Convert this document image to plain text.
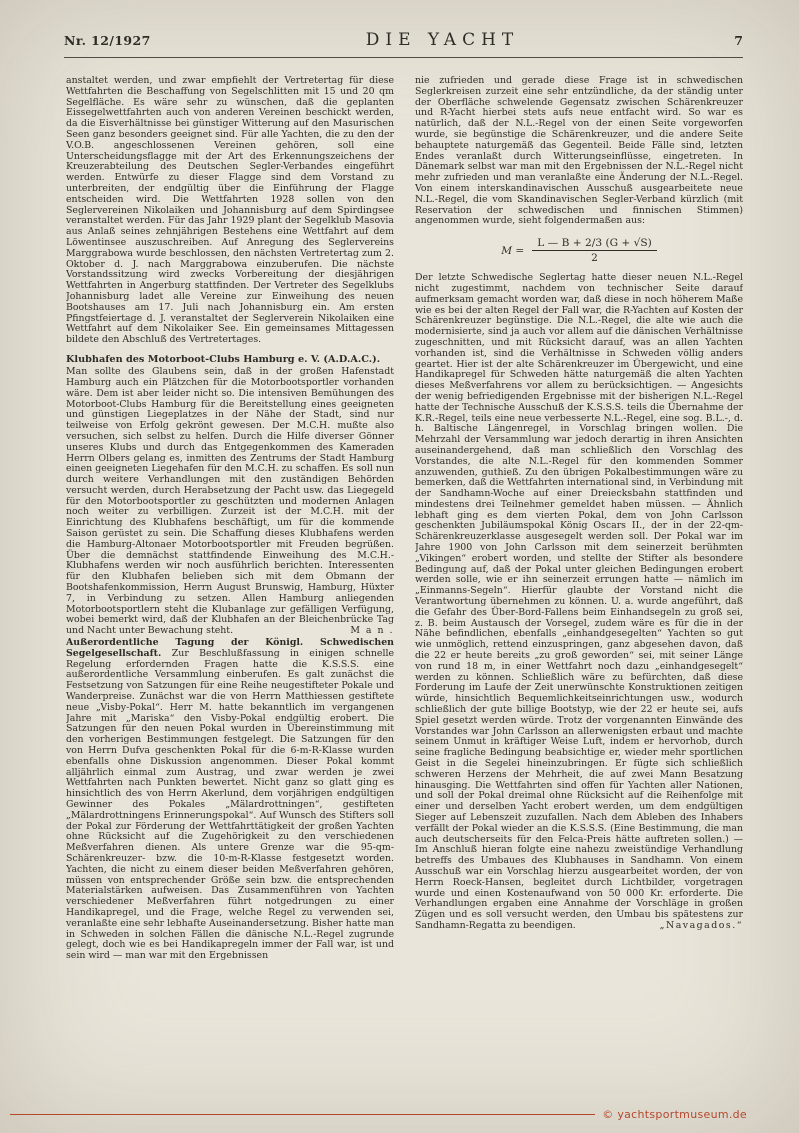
Nr. 12/1927	DIE YACHT	7

anstaltet werden, und zwar empfiehlt der Vertretertag für diese Wettfahrten die Beschaffung von Segelschlitten mit 15 und 20 qm Segelfläche. Es wäre sehr zu wünschen, daß die geplanten Eissegelwettfahrten auch von anderen Vereinen beschickt werden, da die Eisverhältnisse bei günstiger Witterung auf den Masurischen Seen ganz besonders geeignet sind. Für alle Yachten, die zu den der V.O.B. angeschlossenen Vereinen gehören, soll eine Unterscheidungsflagge mit der Art des Erkennungszeichens der Kreuzerabteilung des Deutschen Segler-Verbandes eingeführt werden. Entwürfe zu dieser Flagge sind dem Vorstand zu unterbreiten, der endgültig über die Einführung der Flagge entscheiden wird. Die Wettfahrten 1928 sollen von den Seglervereinen Nikolaiken und Johannisburg auf dem Spirdingsee veranstaltet werden. Für das Jahr 1929 plant der Segelklub Masovia aus Anlaß seines zehnjährigen Bestehens eine Wettfahrt auf dem Löwentinsee auszuschreiben. Auf Anregung des Seglervereins Marggrabowa wurde beschlossen, den nächsten Vertretertag zum 2. Oktober d. J. nach Marggrabowa einzuberufen. Die nächste Vorstandssitzung wird zwecks Vorbereitung der diesjährigen Wettfahrten in Angerburg stattfinden. Der Vertreter des Segelklubs Johannisburg ladet alle Vereine zur Einweihung des neuen Bootshauses am 17. Juli nach Johannisburg ein. Am ersten Pfingstfeiertage d. J. veranstaltet der Seglerverein Nikolaiken eine Wettfahrt auf dem Nikolaiker See. Ein gemeinsames Mittagessen bildete den Abschluß des Vertretertages.

Klubhafen des Motorboot-Clubs Hamburg e. V. (A.D.A.C.).

Man sollte des Glaubens sein, daß in der großen Hafenstadt Hamburg auch ein Plätzchen für die Motorbootsportler vorhanden wäre. Dem ist aber leider nicht so. Die intensiven Bemühungen des Motorboot-Clubs Hamburg für die Bereitstellung eines geeigneten und günstigen Liegeplatzes in der Nähe der Stadt, sind nur teilweise von Erfolg gekrönt gewesen. Der M.C.H. mußte also versuchen, sich selbst zu helfen. Durch die Hilfe diverser Gönner unseres Klubs und durch das Entgegenkommen des Kameraden Herrn Olbers gelang es, inmitten des Zentrums der Stadt Hamburg einen geeigneten Liegehafen für den M.C.H. zu schaffen. Es soll nun durch weitere Verhandlungen mit den zuständigen Behörden versucht werden, durch Herabsetzung der Pacht usw. das Liegegeld für den Motorbootsportler zu geschützten und modernen Anlagen noch weiter zu verbilligen. Zurzeit ist der M.C.H. mit der Einrichtung des Klubhafens beschäftigt, um für die kommende Saison gerüstet zu sein. Die Schaffung dieses Klubhafens werden die Hamburg-Altonaer Motorbootsportler mit Freuden begrüßen. Über die demnächst stattfindende Einweihung des M.C.H.-Klubhafens werden wir noch ausführlich berichten. Interessenten für den Klubhafen belieben sich mit dem Obmann der Bootshafenkommission, Herrn August Brunswig, Hamburg, Hüxter 7, in Verbindung zu setzen. Allen Hamburg anliegenden Motorbootsportlern steht die Klubanlage zur gefälligen Verfügung, wobei bemerkt wird, daß der Klubhafen an der Bleichenbrücke Tag und Nacht unter Bewachung steht.	M a n .

Außerordentliche Tagung der Königl. Schwedischen Segelgesellschaft. Zur Beschlußfassung in einigen schnelle Regelung erfordernden Fragen hatte die K.S.S.S. eine außerordentliche Versammlung einberufen. Es galt zunächst die Festsetzung von Satzungen für eine Reihe neugestifteter Pokale und Wanderpreise. Zunächst war die von Herrn Matthiessen gestiftete neue „Visby-Pokal“. Herr M. hatte bekanntlich im vergangenen Jahre mit „Mariska“ den Visby-Pokal endgültig erobert. Die Satzungen für den neuen Pokal wurden in Übereinstimmung mit den vorherigen Bestimmungen festgelegt. Die Satzungen für den von Herrn Dufva geschenkten Pokal für die 6-m-R-Klasse wurden ebenfalls ohne Diskussion angenommen. Dieser Pokal kommt alljährlich einmal zum Austrag, und zwar werden je zwei Wettfahrten nach Punkten bewertet. Nicht ganz so glatt ging es hinsichtlich des von Herrn Akerlund, dem vorjährigen endgültigen Gewinner des Pokales „Mälardrottningen“, gestifteten „Mälardrottningens Erinnerungspokal“. Auf Wunsch des Stifters soll der Pokal zur Förderung der Wettfahrttätigkeit der großen Yachten ohne Rücksicht auf die Zugehörigkeit zu den verschiedenen Meßverfahren dienen. Als untere Grenze war die 95-qm-Schärenkreuzer- bzw. die 10-m-R-Klasse festgesetzt worden. Yachten, die nicht zu einem dieser beiden Meßverfahren gehören, müssen von entsprechender Größe sein bzw. die entsprechenden Materialstärken aufweisen. Das Zusammenführen von Yachten verschiedener Meßverfahren führt notgedrungen zu einer Handikapregel, und die Frage, welche Regel zu verwenden sei, veranlaßte eine sehr lebhafte Auseinandersetzung. Bisher hatte man in Schweden in solchen Fällen die dänische N.L.-Regel zugrunde gelegt, doch wie es bei Handikapregeln immer der Fall war, ist und sein wird — man war mit den Ergebnissen

nie zufrieden und gerade diese Frage ist in schwedischen Seglerkreisen zurzeit eine sehr entzündliche, da der ständig unter der Oberfläche schwelende Gegensatz zwischen Schärenkreuzer und R-Yacht hierbei stets aufs neue entfacht wird. So war es natürlich, daß der N.L.-Regel von der einen Seite vorgeworfen wurde, sie begünstige die Schärenkreuzer, und die andere Seite behauptete naturgemäß das Gegenteil. Beide Fälle sind, letzten Endes veranlaßt durch Witterungseinflüsse, eingetreten. In Dänemark selbst war man mit den Ergebnissen der N.L.-Regel nicht mehr zufrieden und man veranlaßte eine Änderung der N.L.-Regel. Von einem interskandinavischen Ausschuß ausgearbeitete neue N.L.-Regel, die vom Skandinavischen Segler-Verband kürzlich (mit Reservation der schwedischen und finnischen Stimmen) angenommen wurde, sieht folgendermaßen aus:

$M = \frac{L — B + 2/3 (G + √S)}{2}$

Der letzte Schwedische Seglertag hatte dieser neuen N.L.-Regel nicht zugestimmt, nachdem von technischer Seite darauf aufmerksam gemacht worden war, daß diese in noch höherem Maße wie es bei der alten Regel der Fall war, die R-Yachten auf Kosten der Schärenkreuzer begünstige. Die N.L.-Regel, die alte wie auch die modernisierte, sind ja auch vor allem auf die dänischen Verhältnisse zugeschnitten, und mit Rücksicht darauf, was an allen Yachten vorhanden ist, sind die Verhältnisse in Schweden völlig anders geartet. Hier ist der alte Schärenkreuzer im Übergewicht, und eine Handikapregel für Schweden hätte naturgemäß die alten Yachten dieses Meßverfahrens vor allem zu berücksichtigen. — Angesichts der wenig befriedigenden Ergebnisse mit der bisherigen N.L.-Regel hatte der Technische Ausschuß der K.S.S.S. teils die Übernahme der K.R.-Regel, teils eine neue verbesserte N.L.-Regel, eine sog. B.L.-, d. h. Baltische Längenregel, in Vorschlag bringen wollen. Die Mehrzahl der Versammlung war jedoch derartig in ihren Ansichten auseinandergehend, daß man schließlich den Vorschlag des Vorstandes, die alte N.L.-Regel für den kommenden Sommer anzuwenden, guthieß. Zu den übrigen Pokalbestimmungen wäre zu bemerken, daß die Wettfahrten international sind, in Verbindung mit der Sandhamn-Woche auf einer Dreiecksbahn stattfinden und mindestens drei Teilnehmer gemeldet haben müssen. — Ähnlich lebhaft ging es dem vierten Pokal, dem von John Carlsson geschenkten Jubiläumspokal König Oscars II., der in der 22-qm-Schärenkreuzerklasse ausgesegelt werden soll. Der Pokal war im Jahre 1900 von John Carlsson mit dem seinerzeit berühmten „Vikingen“ erobert worden, und stellte der Stifter als besondere Bedingung auf, daß der Pokal unter gleichen Bedingungen erobert werden solle, wie er ihn seinerzeit errungen hatte — nämlich im „Einmanns-Segeln“. Hierfür glaubte der Vorstand nicht die Verantwortung übernehmen zu können. U. a. wurde angeführt, daß die Gefahr des Über-Bord-Fallens beim Einhandsegeln zu groß sei, z. B. beim Austausch der Vorsegel, zudem wäre es für die in der Nähe befindlichen, ebenfalls „einhandgesegelten“ Yachten so gut wie unmöglich, rettend einzuspringen, ganz abgesehen davon, daß die 22 er heute bereits „zu groß geworden“ sei, mit seiner Länge von rund 18 m, in einer Wettfahrt noch dazu „einhandgesegelt“ werden zu können. Schließlich wäre zu befürchten, daß diese Forderung im Laufe der Zeit unerwünschte Konstruktionen zeitigen würde, hinsichtlich Bequemlichkeitseinrichtungen usw., wodurch schließlich der gute billige Bootstyp, wie der 22 er heute sei, aufs Spiel gesetzt werden würde. Trotz der vorgenannten Einwände des Vorstandes war John Carlsson an allerwenigsten erbaut und machte seinem Unmut in kräftiger Weise Luft, indem er hervorhob, durch seine fragliche Bedingung beabsichtige er, wieder mehr sportlichen Geist in die Segelei hineinzubringen. Er fügte sich schließlich schweren Herzens der Mehrheit, die auf zwei Mann Besatzung hinausging. Die Wettfahrten sind offen für Yachten aller Nationen, und soll der Pokal dreimal ohne Rücksicht auf die Reihenfolge mit einer und derselben Yacht erobert werden, um dem endgültigen Sieger auf Lebenszeit zuzufallen. Nach dem Ableben des Inhabers verfällt der Pokal wieder an die K.S.S.S. (Eine Bestimmung, die man auch deutscherseits für den Felca-Preis hätte auftreten sollen.) — Im Anschluß hieran folgte eine nahezu zweistündige Verhandlung betreffs des Umbaues des Klubhauses in Sandhamn. Von einem Ausschuß war ein Vorschlag hierzu ausgearbeitet worden, der von Herrn Roeck-Hansen, begleitet durch Lichtbilder, vorgetragen wurde und einen Kostenaufwand von 50 000 Kr. erforderte. Die Verhandlungen ergaben eine Annahme der Vorschläge in großen Zügen und es soll versucht werden, den Umbau bis spätestens zur Sandhamn-Regatta zu beendigen.	„Navagados.“

© yachtsportmuseum.de
